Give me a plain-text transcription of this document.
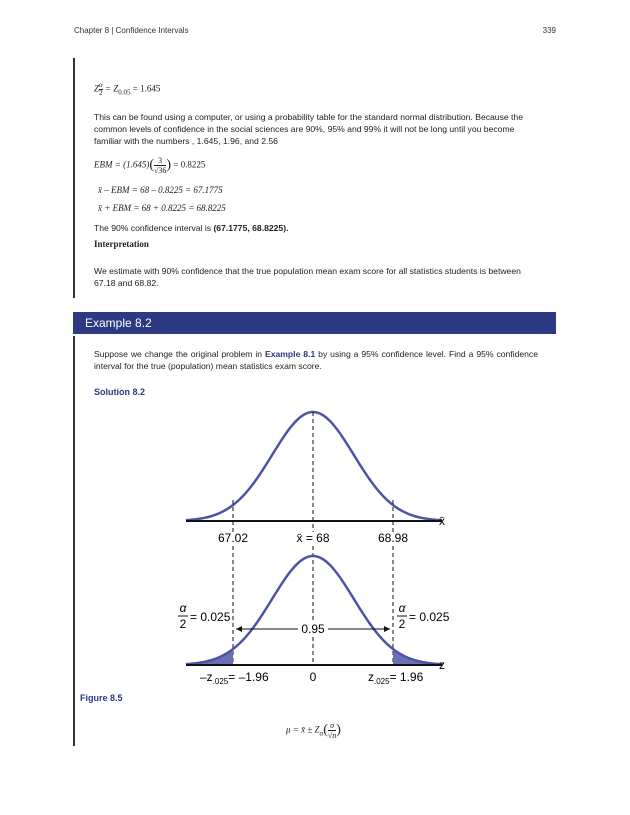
Chapter 8 | Confidence Intervals	339
Z $\frac{\alpha}{2} = Z_{0.05} = 1.645$
This can be found using a computer, or using a probability table for the standard normal distribution. Because the common levels of confidence in the social sciences are 90%, 95% and 99% it will not be long until you become familiar with the numbers , 1.645, 1.96, and 2.56
EBM = $(1.645)( \frac{3}{√36}$ ) = 0.8225
x̄ – EBM = 68 – 0.8225 = 67.1775
x̄ + EBM = 68 + 0.8225 = 68.8225
The 90% confidence interval is (67.1775, 68.8225).
Interpretation
We estimate with 90% confidence that the true population mean exam score for all statistics students is between 67.18 and 68.82.
Example 8.2
Suppose we change the original problem in Example 8.1 by using a 95% confidence level. Find a 95% confidence interval for the true (population) mean statistics exam score.
Solution 8.2
67.02	x̄ = 68	68.98
x̄
0.95
α
2 = 0.025
α
2 = 0.025
$-z_{.025}= -1.96$	0	$z_{.025}= 1.96$
z
Figure 8.5
μ = x̄ ± $Z_\alpha( \frac{\sigma}{√n}$ )
